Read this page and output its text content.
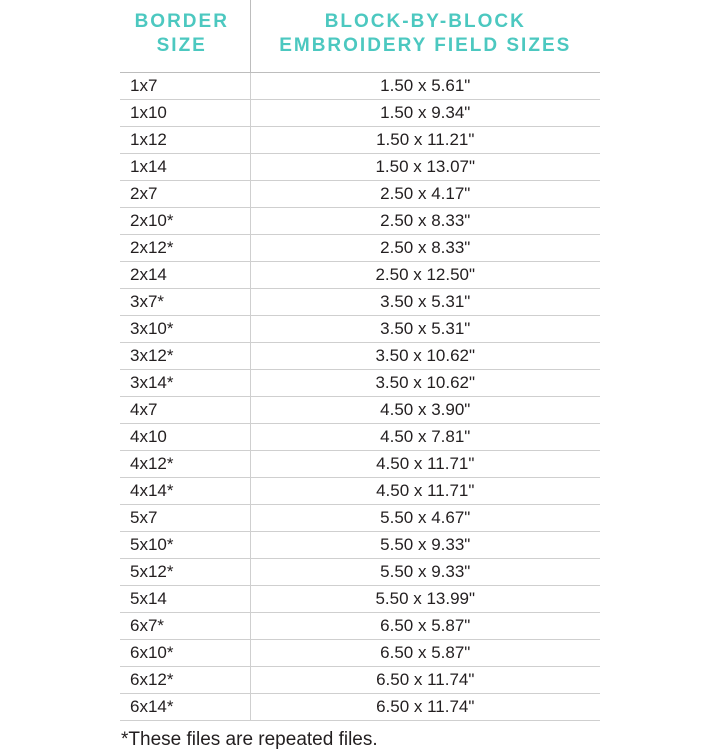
BORDER SIZE	BLOCK-BY-BLOCK EMBROIDERY FIELD SIZES
1x7	1.50 x 5.61"
1x10	1.50 x 9.34"
1x12	1.50 x 11.21"
1x14	1.50 x 13.07"
2x7	2.50 x 4.17"
2x10*	2.50 x 8.33"
2x12*	2.50 x 8.33"
2x14	2.50 x 12.50"
3x7*	3.50 x 5.31"
3x10*	3.50 x 5.31"
3x12*	3.50 x 10.62"
3x14*	3.50 x 10.62"
4x7	4.50 x 3.90"
4x10	4.50 x 7.81"
4x12*	4.50 x 11.71"
4x14*	4.50 x 11.71"
5x7	5.50 x 4.67"
5x10*	5.50 x 9.33"
5x12*	5.50 x 9.33"
5x14	5.50 x 13.99"
6x7*	6.50 x 5.87"
6x10*	6.50 x 5.87"
6x12*	6.50 x 11.74"
6x14*	6.50 x 11.74"
*These files are repeated files.
